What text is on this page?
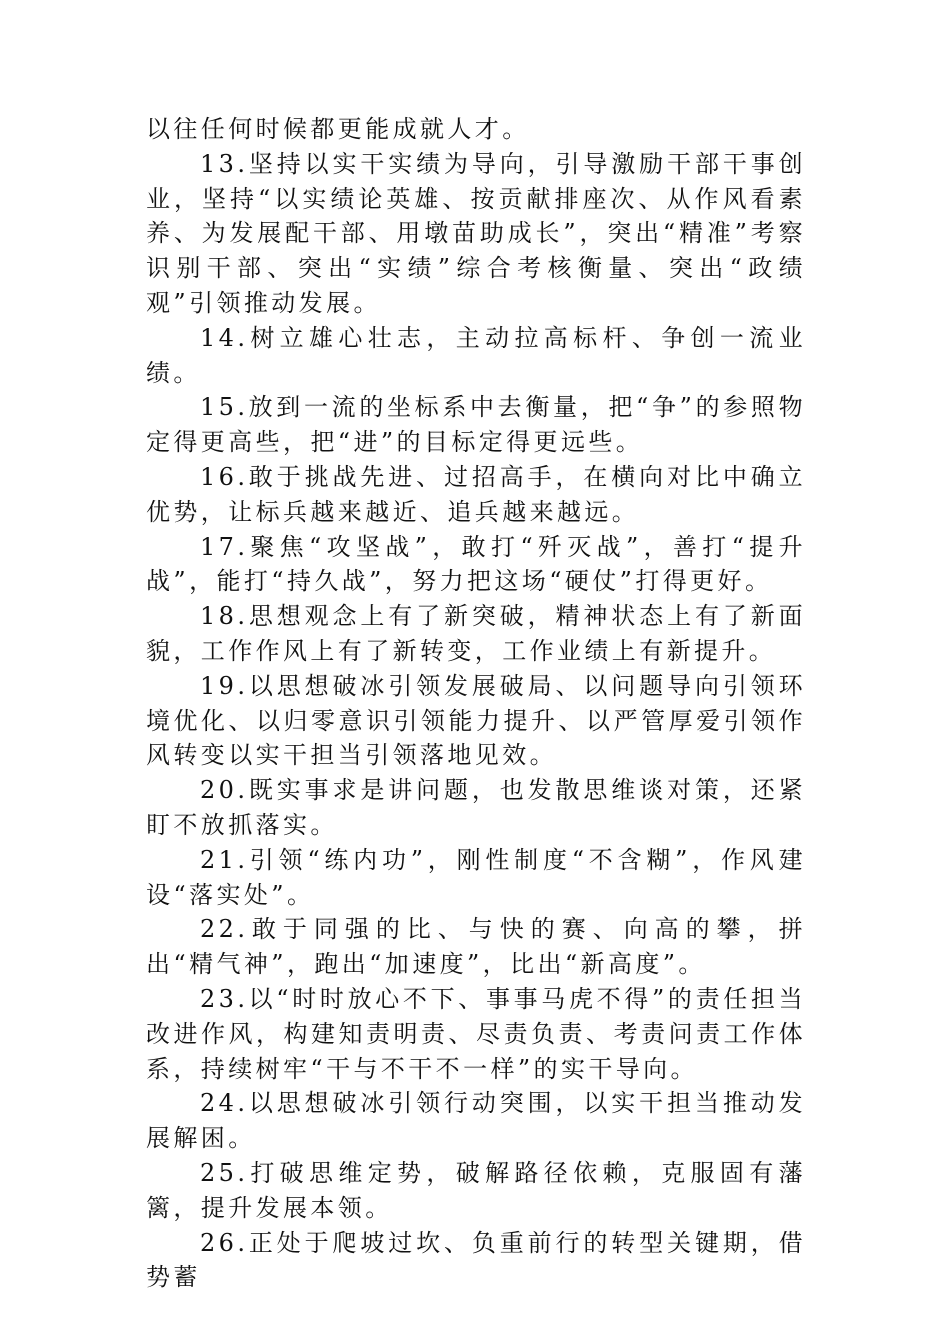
以往任何时候都更能成就人才。

13.坚持以实干实绩为导向，引导激励干部干事创业，坚持“以实绩论英雄、按贡献排座次、从作风看素养、为发展配干部、用墩苗助成长”，突出“精准”考察识别干部、突出“实绩”综合考核衡量、突出“政绩观”引领推动发展。

14.树立雄心壮志，主动拉高标杆、争创一流业绩。

15.放到一流的坐标系中去衡量，把“争”的参照物定得更高些，把“进”的目标定得更远些。

16.敢于挑战先进、过招高手，在横向对比中确立优势，让标兵越来越近、追兵越来越远。

17.聚焦“攻坚战”，敢打“歼灭战”，善打“提升战”，能打“持久战”，努力把这场“硬仗”打得更好。

18.思想观念上有了新突破，精神状态上有了新面貌，工作作风上有了新转变，工作业绩上有新提升。

19.以思想破冰引领发展破局、以问题导向引领环境优化、以归零意识引领能力提升、以严管厚爱引领作风转变以实干担当引领落地见效。

20.既实事求是讲问题，也发散思维谈对策，还紧盯不放抓落实。

21.引领“练内功”，刚性制度“不含糊”，作风建设“落实处”。

22.敢于同强的比、与快的赛、向高的攀，拼出“精气神”，跑出“加速度”，比出“新高度”。

23.以“时时放心不下、事事马虎不得”的责任担当改进作风，构建知责明责、尽责负责、考责问责工作体系，持续树牢“干与不干不一样”的实干导向。

24.以思想破冰引领行动突围，以实干担当推动发展解困。

25.打破思维定势，破解路径依赖，克服固有藩篱，提升发展本领。

26.正处于爬坡过坎、负重前行的转型关键期，借势蓄
